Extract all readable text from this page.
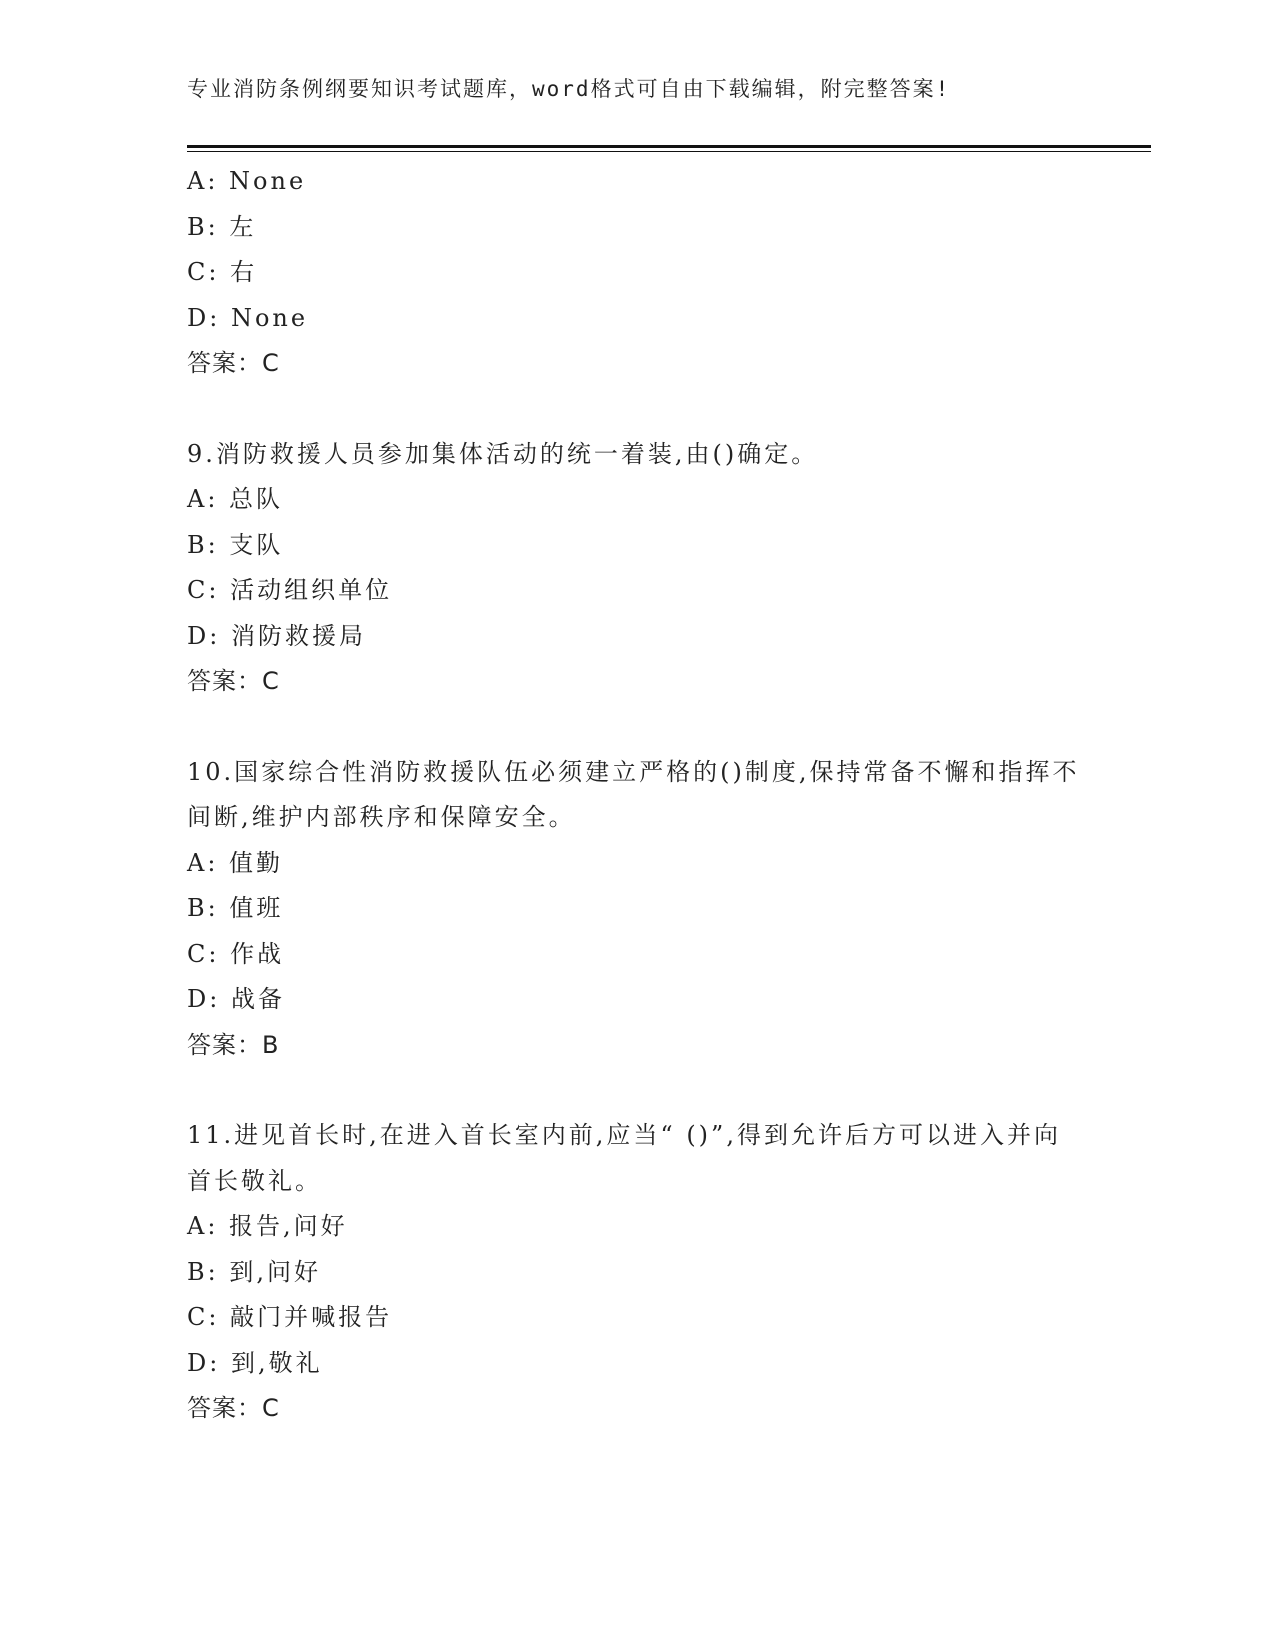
专业消防条例纲要知识考试题库，word格式可自由下载编辑，附完整答案!

A: None

B: 左

C: 右

D: None

答案：C

9.消防救援人员参加集体活动的统一着装,由()确定。

A: 总队

B: 支队

C: 活动组织单位

D: 消防救援局

答案：C

10.国家综合性消防救援队伍必须建立严格的()制度,保持常备不懈和指挥不间断,维护内部秩序和保障安全。

A: 值勤

B: 值班

C: 作战

D: 战备

答案：B

11.进见首长时,在进入首长室内前,应当“ ()”,得到允许后方可以进入并向首长敬礼。

A: 报告,问好

B: 到,问好

C: 敲门并喊报告

D: 到,敬礼

答案：C
